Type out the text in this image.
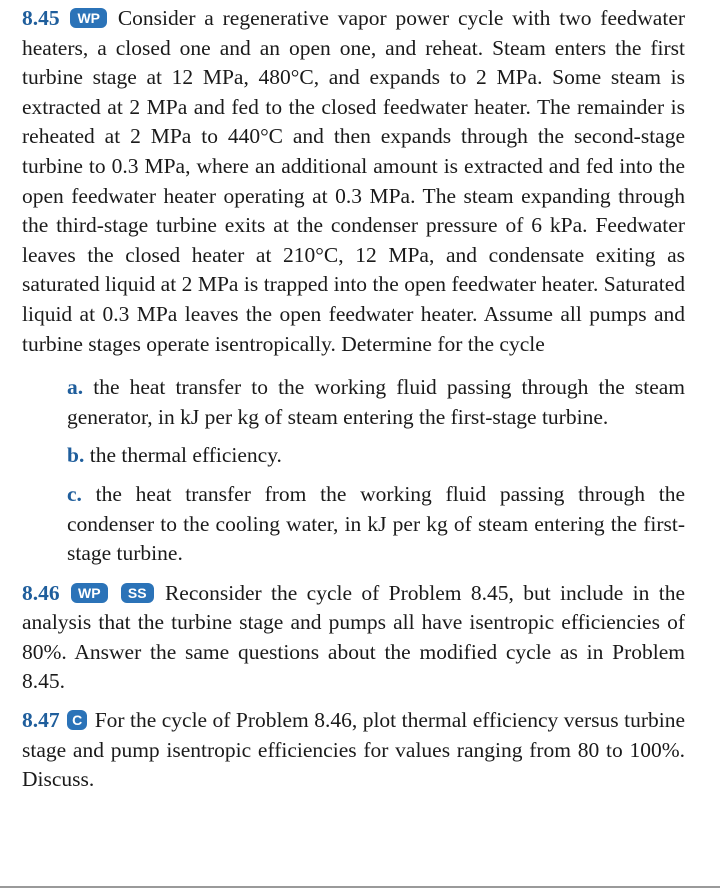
8.45 WP Consider a regenerative vapor power cycle with two feedwater heaters, a closed one and an open one, and reheat. Steam enters the first turbine stage at 12 MPa, 480°C, and expands to 2 MPa. Some steam is extracted at 2 MPa and fed to the closed feedwater heater. The remainder is reheated at 2 MPa to 440°C and then expands through the second-stage turbine to 0.3 MPa, where an additional amount is extracted and fed into the open feedwater heater operating at 0.3 MPa. The steam expanding through the third-stage turbine exits at the condenser pressure of 6 kPa. Feedwater leaves the closed heater at 210°C, 12 MPa, and condensate exiting as saturated liquid at 2 MPa is trapped into the open feedwater heater. Saturated liquid at 0.3 MPa leaves the open feedwater heater. Assume all pumps and turbine stages operate isentropically. Determine for the cycle

a. the heat transfer to the working fluid passing through the steam generator, in kJ per kg of steam entering the first-stage turbine.
b. the thermal efficiency.
c. the heat transfer from the working fluid passing through the condenser to the cooling water, in kJ per kg of steam entering the first-stage turbine.

8.46 WP SS Reconsider the cycle of Problem 8.45, but include in the analysis that the turbine stage and pumps all have isentropic efficiencies of 80%. Answer the same questions about the modified cycle as in Problem 8.45.

8.47 C For the cycle of Problem 8.46, plot thermal efficiency versus turbine stage and pump isentropic efficiencies for values ranging from 80 to 100%. Discuss.
